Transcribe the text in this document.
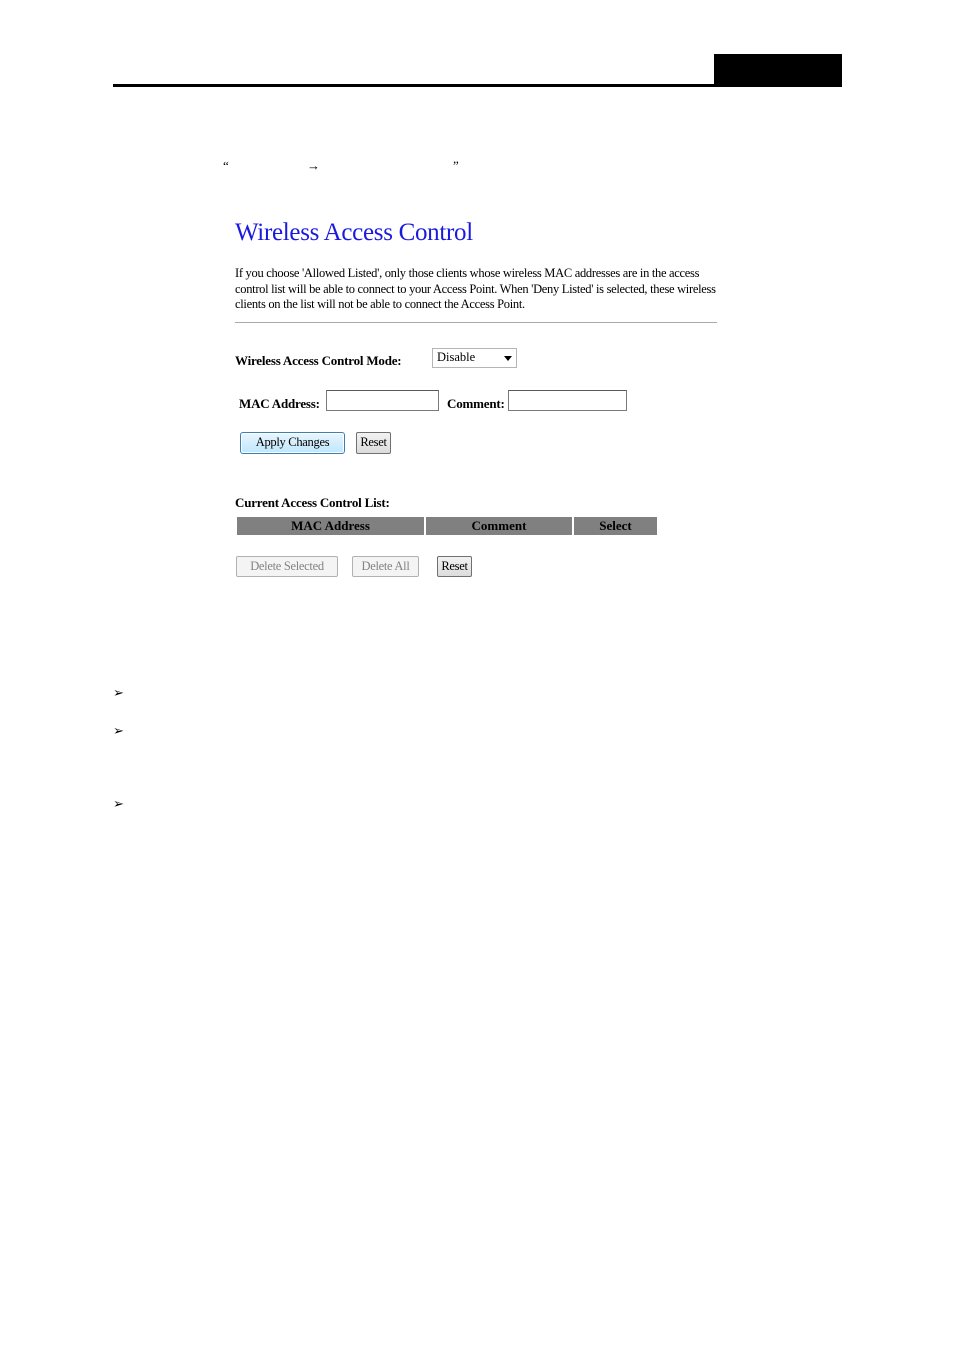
“	→	”
Wireless Access Control
If you choose 'Allowed Listed', only those clients whose wireless MAC addresses are in the access control list will be able to connect to your Access Point. When 'Deny Listed' is selected, these wireless clients on the list will not be able to connect the Access Point.
Wireless Access Control Mode:	Disable
MAC Address:	Comment:
Apply Changes	Reset
Current Access Control List:
MAC Address	Comment	Select
Delete Selected	Delete All	Reset
➢
➢
➢
